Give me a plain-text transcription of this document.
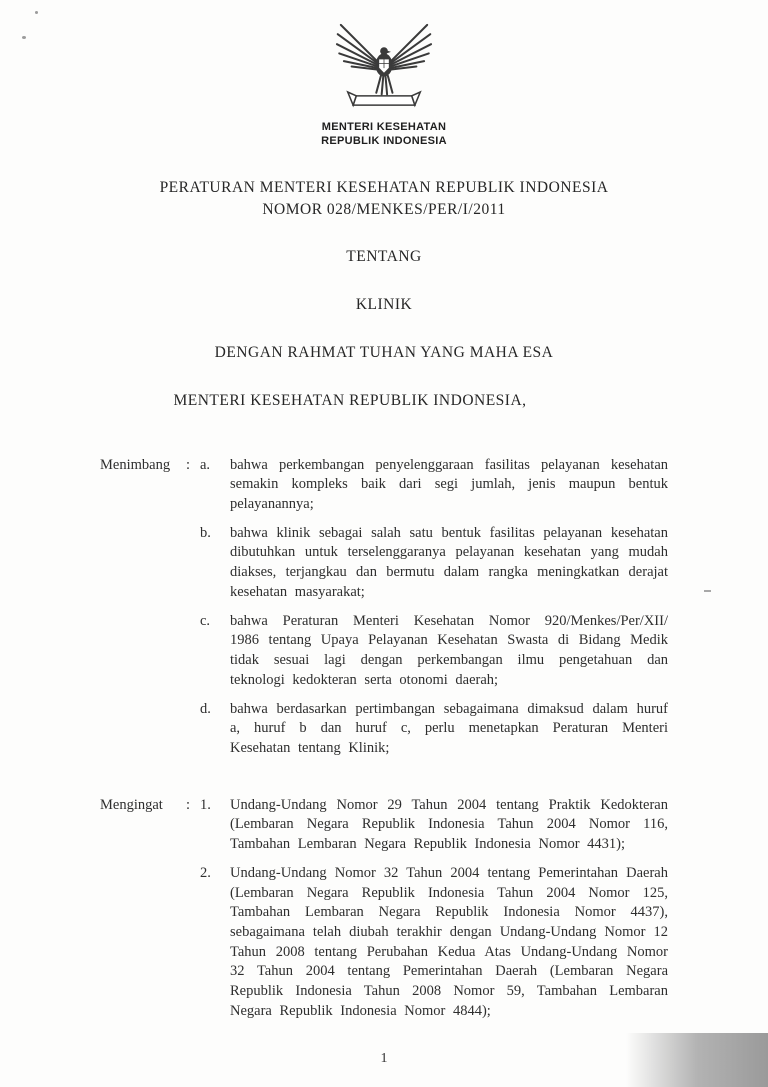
MENTERI KESEHATAN
REPUBLIK INDONESIA
PERATURAN MENTERI KESEHATAN REPUBLIK INDONESIA
NOMOR 028/MENKES/PER/I/2011
TENTANG
KLINIK
DENGAN RAHMAT TUHAN YANG MAHA ESA
MENTERI KESEHATAN REPUBLIK INDONESIA,
Menimbang	: a.	bahwa perkembangan penyelenggaraan fasilitas pelayanan kesehatan semakin kompleks baik dari segi jumlah, jenis maupun bentuk pelayanannya;

b.	bahwa klinik sebagai salah satu bentuk fasilitas pelayanan kesehatan dibutuhkan untuk terselenggaranya pelayanan kesehatan yang mudah diakses, terjangkau dan bermutu dalam rangka meningkatkan derajat kesehatan masyarakat;

c.	bahwa Peraturan Menteri Kesehatan Nomor 920/Menkes/Per/XII/ 1986 tentang Upaya Pelayanan Kesehatan Swasta di Bidang Medik tidak sesuai lagi dengan perkembangan ilmu pengetahuan dan teknologi kedokteran serta otonomi daerah;

d.	bahwa berdasarkan pertimbangan sebagaimana dimaksud dalam huruf a, huruf b dan huruf c, perlu menetapkan Peraturan Menteri Kesehatan tentang Klinik;

Mengingat	: 1.	Undang-Undang Nomor 29 Tahun 2004 tentang Praktik Kedokteran (Lembaran Negara Republik Indonesia Tahun 2004 Nomor 116, Tambahan Lembaran Negara Republik Indonesia Nomor 4431);

2.	Undang-Undang Nomor 32 Tahun 2004 tentang Pemerintahan Daerah (Lembaran Negara Republik Indonesia Tahun 2004 Nomor 125, Tambahan Lembaran Negara Republik Indonesia Nomor 4437), sebagaimana telah diubah terakhir dengan Undang-Undang Nomor 12 Tahun 2008 tentang Perubahan Kedua Atas Undang-Undang Nomor 32 Tahun 2004 tentang Pemerintahan Daerah (Lembaran Negara Republik Indonesia Tahun 2008 Nomor 59, Tambahan Lembaran Negara Republik Indonesia Nomor 4844);

1
